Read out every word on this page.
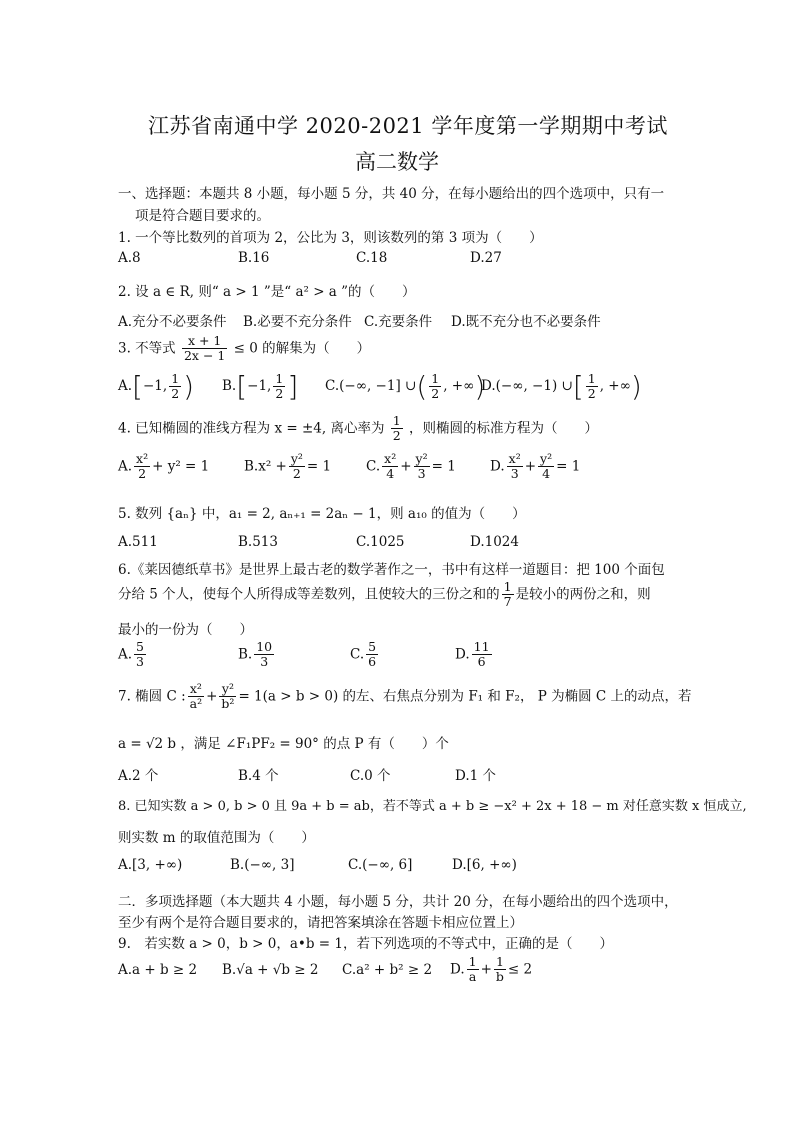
江苏省南通中学 2020-2021 学年度第一学期期中考试
高二数学
一、选择题：本题共 8 小题，每小题 5 分，共 40 分，在每小题给出的四个选项中，只有一
项是符合题目要求的。
1. 一个等比数列的首项为 2，公比为 3，则该数列的第 3 项为（　　）
A.8	B.16	C.18	D.27
2. 设 a ∈ R, 则“ a > 1 ”是“ a² > a ”的（　　）
A.充分不必要条件 B.必要不充分条件 C.充要条件 D.既不充分也不必要条件
3. 不等式 $\frac{x + 1}{2x - 1} \le 0$ 的解集为（　　）
A.[−1, $\frac{1}{2}$ ) B.[−1, $\frac{1}{2}$ ] C.(−∞, −1] ∪( $\frac{1}{2}$ , +∞)
D.(−∞, −1) ∪[ $\frac{1}{2}$ , +∞)
4. 已知椭圆的准线方程为 x = ±4, 离心率为 $\frac{1}{2}$ ，则椭圆的标准方程为（　　）
A. $\frac{\text{x²}}{2} + y^2 = 1$	$B.x^2 + \frac{\text{y²}}{2} = 1$	C. $\frac{\text{x²}}{4} + \frac{\text{y²}}{3} = 1$	D. $\frac{\text{x²}}{3} + \frac{\text{y²}}{4} = 1$
5. 数列 {aₙ} 中，a₁ = 2, aₙ₊₁ = 2aₙ − 1，则 a₁₀ 的值为（　　）
A.511	B.513	C.1025	D.1024
6.《莱因德纸草书》是世界上最古老的数学著作之一，书中有这样一道题目：把 100 个面包
分给 5 个人，使每个人所得成等差数列，且使较大的三份之和的 $\frac{1}{7}$ 是较小的两份之和，则
最小的一份为（　　）
A. $\frac{5}{3}$	B. $\frac{10}{3}$	C. $\frac{5}{6}$	D. $\frac{11}{6}$
7. 椭圆 C : $\frac{\text{x²}}{\text{a²}} + \frac{\text{y²}}{\text{b²}} = 1(a > b > 0)$ 的左、右焦点分别为 F₁ 和 F₂， P 为椭圆 C 上的动点，若
a = √2 b ，满足 ∠F₁PF₂ = 90° 的点 P 有（　　）个
A.2 个	B.4 个	C.0 个	D.1 个
8. 已知实数 a > 0, b > 0 且 9a + b = ab，若不等式 a + b ≥ −x² + 2x + 18 − m 对任意实数 x 恒成立,
则实数 m 的取值范围为（　　）
A.[3, +∞)	B.(−∞, 3]	C.(−∞, 6]	D.[6, +∞)
二．多项选择题（本大题共 4 小题，每小题 5 分，共计 20 分，在每小题给出的四个选项中，
至少有两个是符合题目要求的，请把答案填涂在答题卡相应位置上）
9.　若实数 a > 0，b > 0，a•b = 1，若下列选项的不等式中，正确的是（　　）
A.a + b ≥ 2 B.√a + √b ≥ 2 C.a² + b² ≥ 2 D. $\frac{1}{a} + \frac{1}{b} \le 2$
